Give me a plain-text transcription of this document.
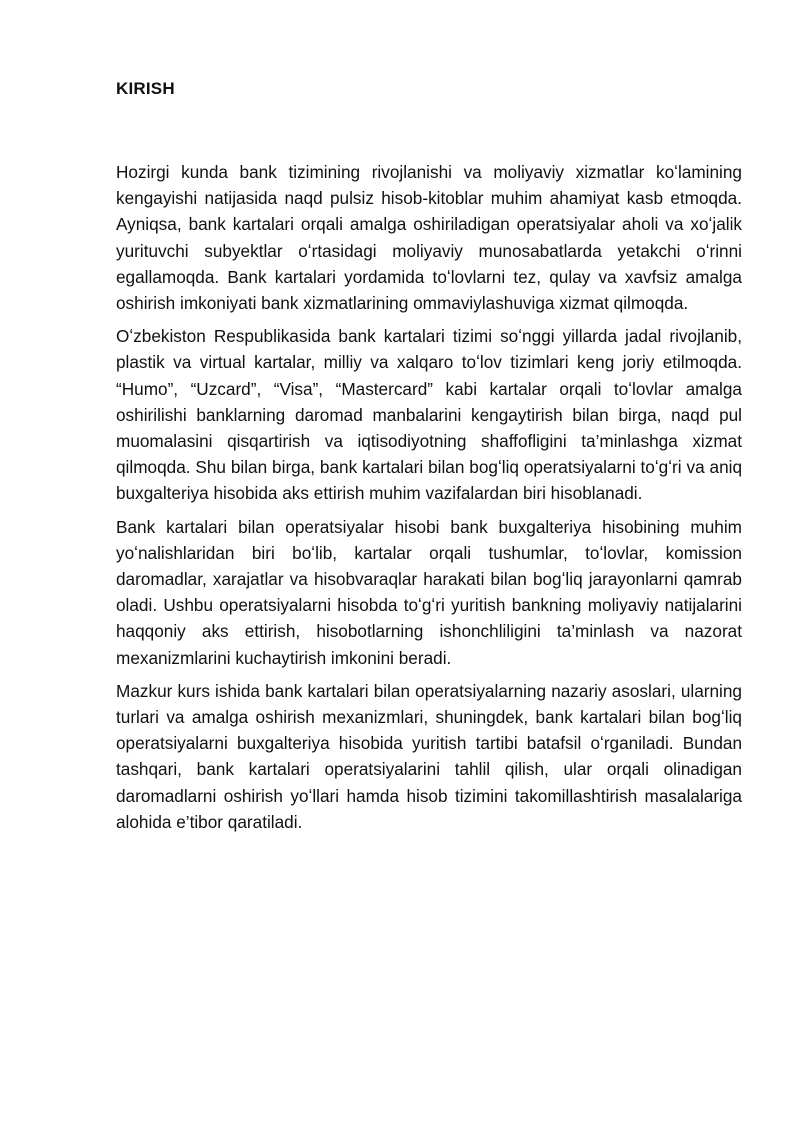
KIRISH

Hozirgi kunda bank tizimining rivojlanishi va moliyaviy xizmatlar koʻlamining kengayishi natijasida naqd pulsiz hisob-kitoblar muhim ahamiyat kasb etmoqda. Ayniqsa, bank kartalari orqali amalga oshiriladigan operatsiyalar aholi va xoʻjalik yurituvchi subyektlar oʻrtasidagi moliyaviy munosabatlarda yetakchi oʻrinni egallamoqda. Bank kartalari yordamida toʻlovlarni tez, qulay va xavfsiz amalga oshirish imkoniyati bank xizmatlarining ommaviylashuviga xizmat qilmoqda.

Oʻzbekiston Respublikasida bank kartalari tizimi soʻnggi yillarda jadal rivojlanib, plastik va virtual kartalar, milliy va xalqaro toʻlov tizimlari keng joriy etilmoqda. “Humo”, “Uzcard”, “Visa”, “Mastercard” kabi kartalar orqali toʻlovlar amalga oshirilishi banklarning daromad manbalarini kengaytirish bilan birga, naqd pul muomalasini qisqartirish va iqtisodiyotning shaffofligini ta’minlashga xizmat qilmoqda. Shu bilan birga, bank kartalari bilan bogʻliq operatsiyalarni toʻgʻri va aniq buxgalteriya hisobida aks ettirish muhim vazifalardan biri hisoblanadi.

Bank kartalari bilan operatsiyalar hisobi bank buxgalteriya hisobining muhim yoʻnalishlaridan biri boʻlib, kartalar orqali tushumlar, toʻlovlar, komission daromadlar, xarajatlar va hisobvaraqlar harakati bilan bogʻliq jarayonlarni qamrab oladi. Ushbu operatsiyalarni hisobda toʻgʻri yuritish bankning moliyaviy natijalarini haqqoniy aks ettirish, hisobotlarning ishonchliligini ta’minlash va nazorat mexanizmlarini kuchaytirish imkonini beradi.

Mazkur kurs ishida bank kartalari bilan operatsiyalarning nazariy asoslari, ularning turlari va amalga oshirish mexanizmlari, shuningdek, bank kartalari bilan bogʻliq operatsiyalarni buxgalteriya hisobida yuritish tartibi batafsil oʻrganiladi. Bundan tashqari, bank kartalari operatsiyalarini tahlil qilish, ular orqali olinadigan daromadlarni oshirish yoʻllari hamda hisob tizimini takomillashtirish masalalariga alohida e’tibor qaratiladi.
